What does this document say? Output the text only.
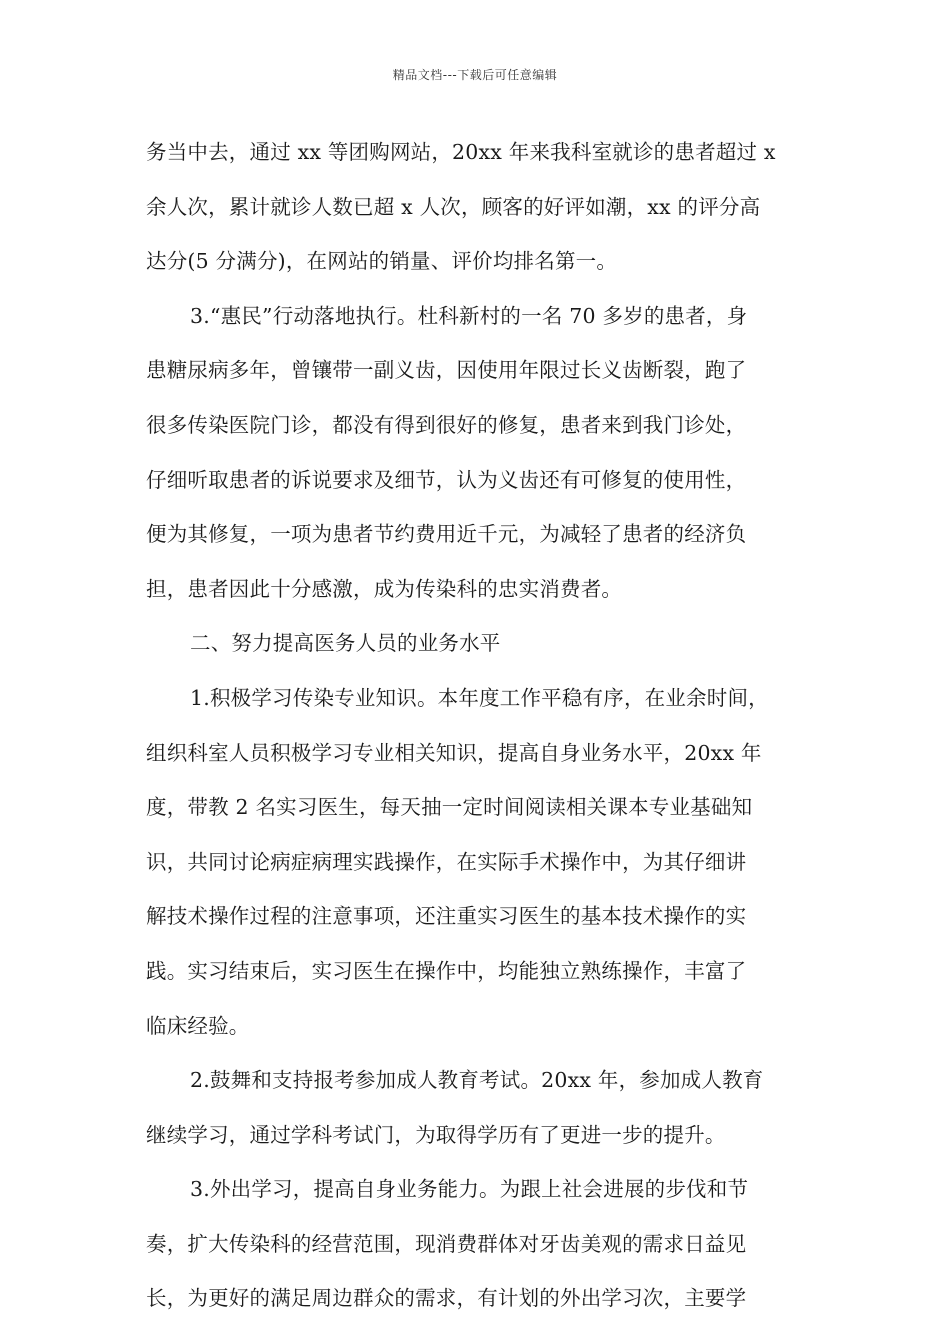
精品文档---下载后可任意编辑
务当中去，通过 xx 等团购网站，20xx 年来我科室就诊的患者超过 x
余人次，累计就诊人数已超 x 人次，顾客的好评如潮，xx 的评分高
达分(5 分满分)，在网站的销量、评价均排名第一。
3.“惠民”行动落地执行。杜科新村的一名 70 多岁的患者，身
患糖尿病多年，曾镶带一副义齿，因使用年限过长义齿断裂，跑了
很多传染医院门诊，都没有得到很好的修复，患者来到我门诊处，
仔细听取患者的诉说要求及细节，认为义齿还有可修复的使用性，
便为其修复，一项为患者节约费用近千元，为减轻了患者的经济负
担，患者因此十分感激，成为传染科的忠实消费者。
二、努力提高医务人员的业务水平
1.积极学习传染专业知识。本年度工作平稳有序，在业余时间，
组织科室人员积极学习专业相关知识，提高自身业务水平，20xx 年
度，带教 2 名实习医生，每天抽一定时间阅读相关课本专业基础知
识，共同讨论病症病理实践操作，在实际手术操作中，为其仔细讲
解技术操作过程的注意事项，还注重实习医生的基本技术操作的实
践。实习结束后，实习医生在操作中，均能独立熟练操作，丰富了
临床经验。
2.鼓舞和支持报考参加成人教育考试。20xx 年，参加成人教育
继续学习，通过学科考试门，为取得学历有了更进一步的提升。
3.外出学习，提高自身业务能力。为跟上社会进展的步伐和节
奏，扩大传染科的经营范围，现消费群体对牙齿美观的需求日益见
长，为更好的满足周边群众的需求，有计划的外出学习次，主要学
